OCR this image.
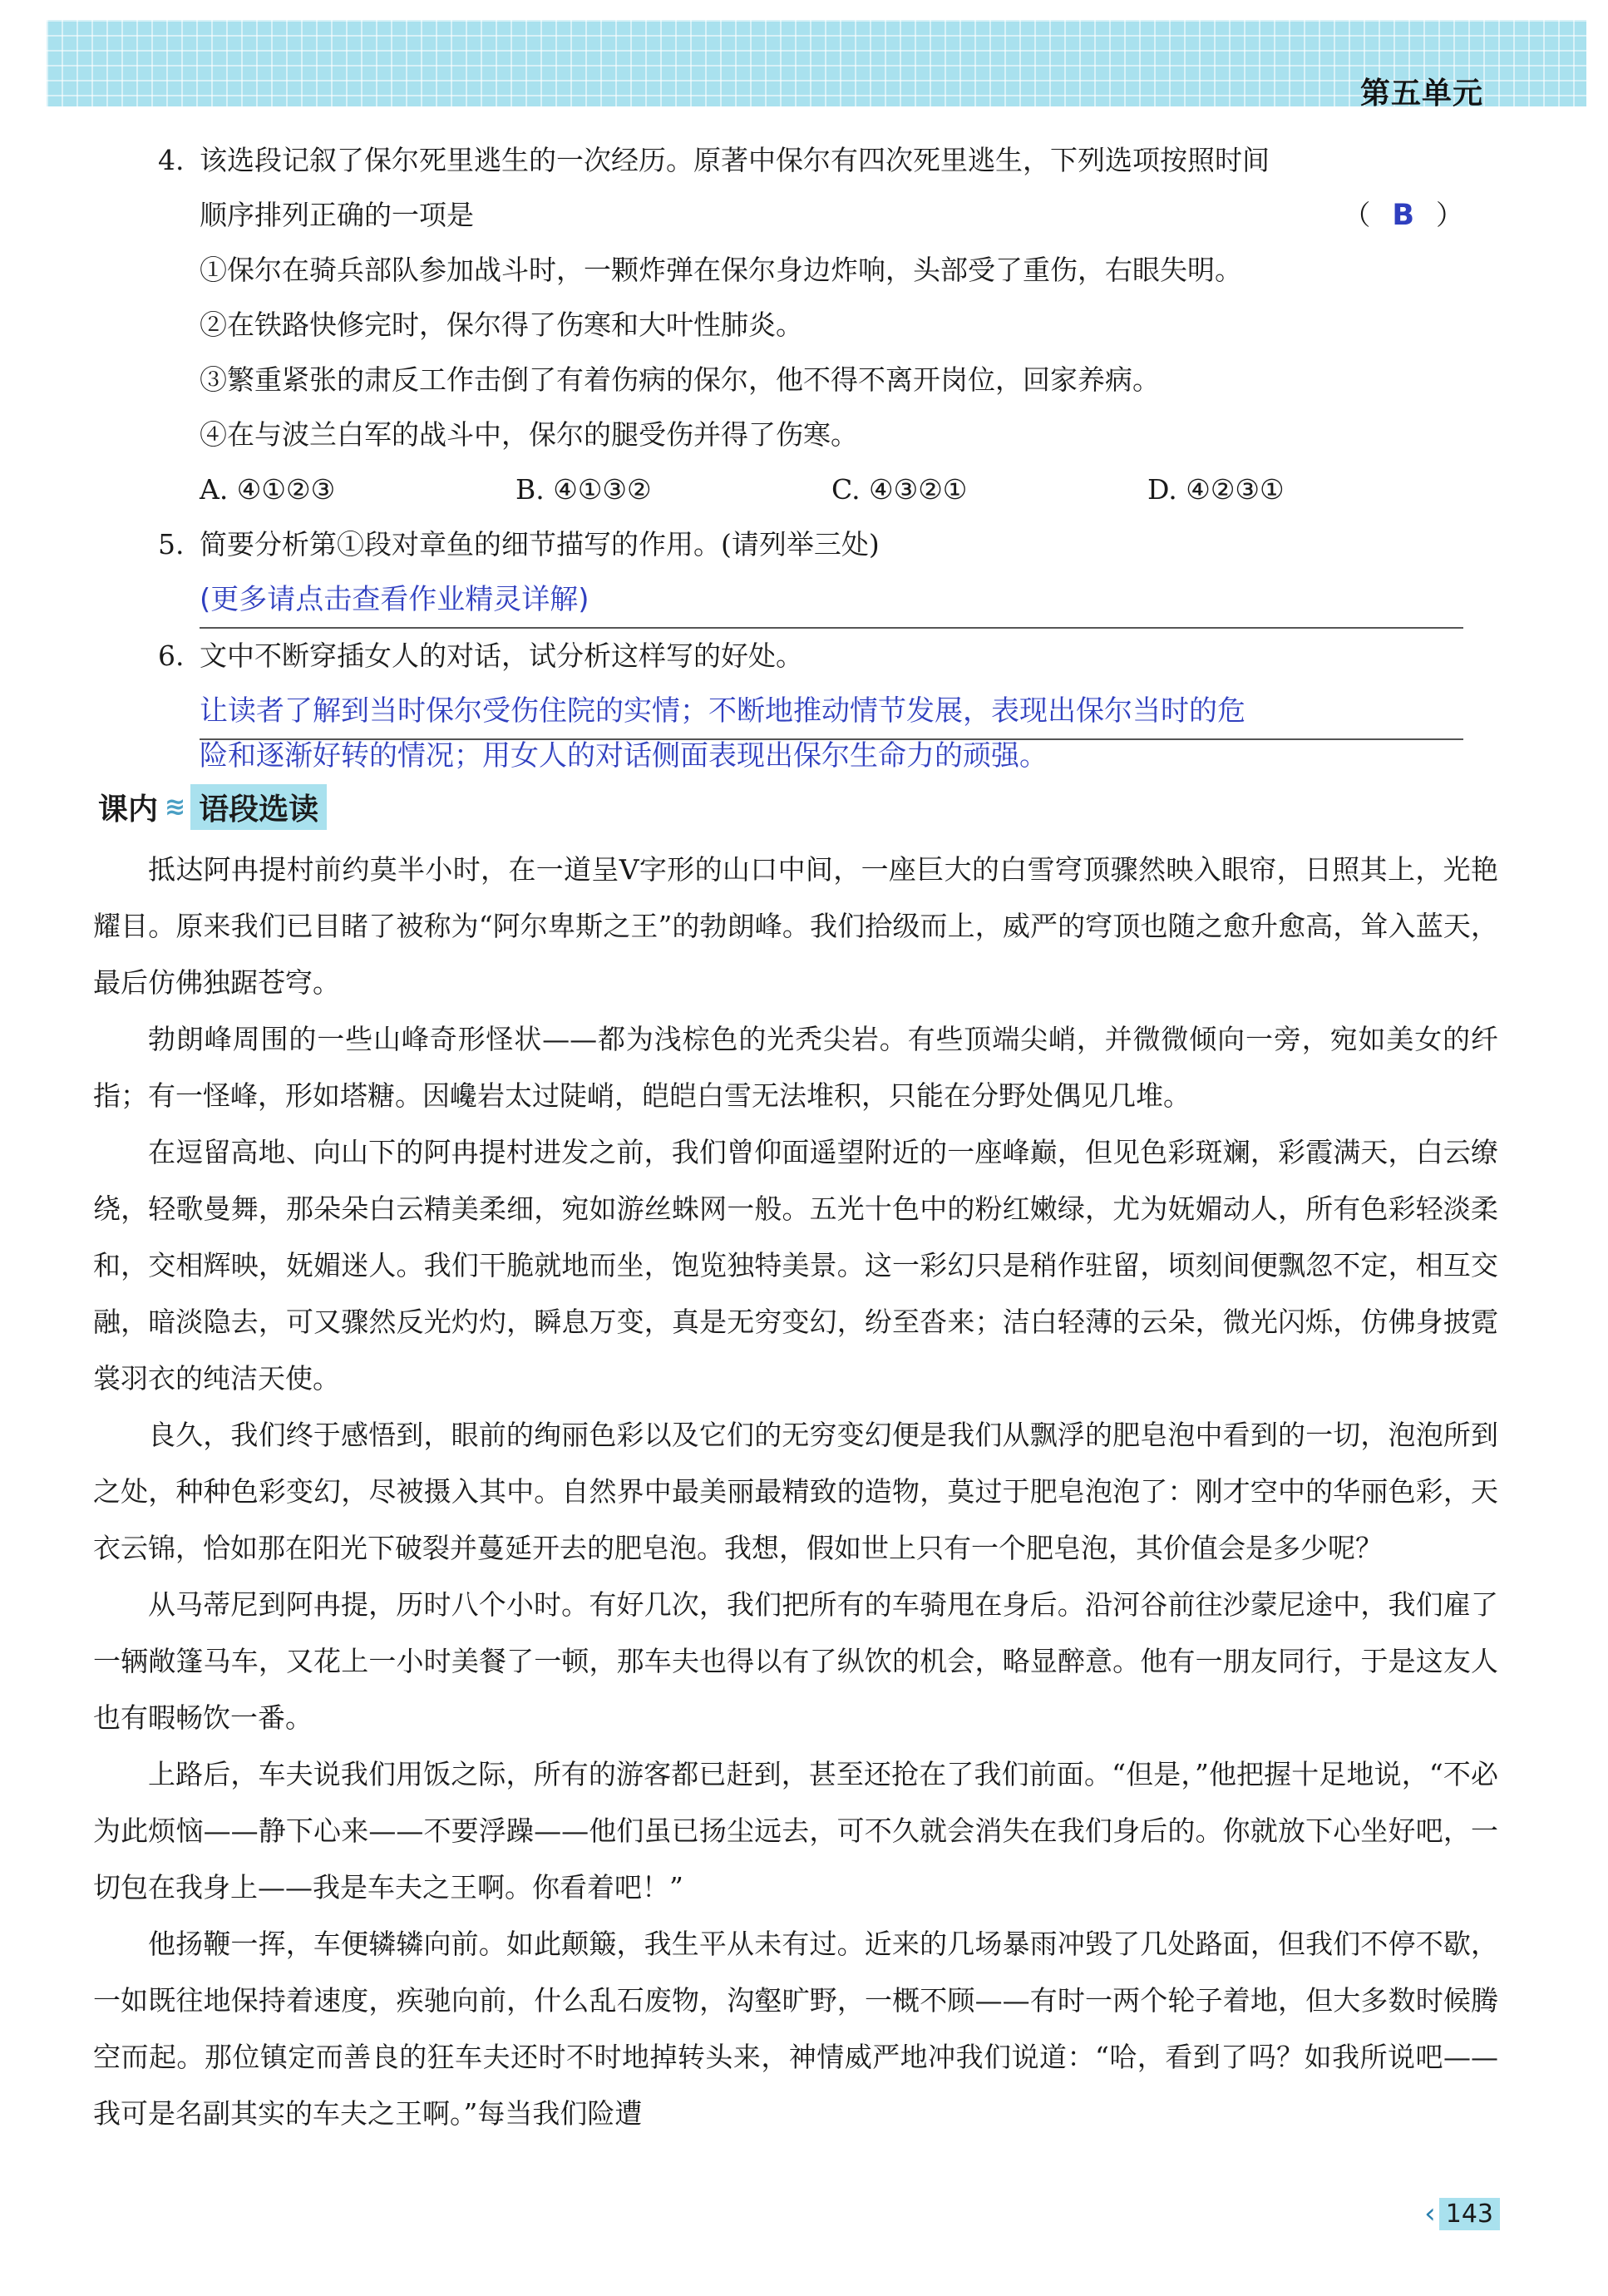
第五单元
4. 该选段记叙了保尔死里逃生的一次经历。原著中保尔有四次死里逃生，下列选项按照时间
顺序排列正确的一项是	（ B ）
①保尔在骑兵部队参加战斗时，一颗炸弹在保尔身边炸响，头部受了重伤，右眼失明。
②在铁路快修完时，保尔得了伤寒和大叶性肺炎。
③繁重紧张的肃反工作击倒了有着伤病的保尔，他不得不离开岗位，回家养病。
④在与波兰白军的战斗中，保尔的腿受伤并得了伤寒。
A. ④①②③	B. ④①③②	C. ④③②①	D. ④②③①
5. 简要分析第①段对章鱼的细节描写的作用。(请列举三处)
(更多请点击查看作业精灵详解)
6. 文中不断穿插女人的对话，试分析这样写的好处。
让读者了解到当时保尔受伤住院的实情；不断地推动情节发展，表现出保尔当时的危
险和逐渐好转的情况；用女人的对话侧面表现出保尔生命力的顽强。
课内 ≋ 语段选读

抵达阿冉提村前约莫半小时，在一道呈V字形的山口中间，一座巨大的白雪穹顶骤然映入眼帘，日照其上，光艳耀目。原来我们已目睹了被称为“阿尔卑斯之王”的勃朗峰。我们拾级而上，威严的穹顶也随之愈升愈高，耸入蓝天，最后仿佛独踞苍穹。

勃朗峰周围的一些山峰奇形怪状——都为浅棕色的光秃尖岩。有些顶端尖峭，并微微倾向一旁，宛如美女的纤指；有一怪峰，形如塔糖。因巉岩太过陡峭，皑皑白雪无法堆积，只能在分野处偶见几堆。

在逗留高地、向山下的阿冉提村进发之前，我们曾仰面遥望附近的一座峰巅，但见色彩斑斓，彩霞满天，白云缭绕，轻歌曼舞，那朵朵白云精美柔细，宛如游丝蛛网一般。五光十色中的粉红嫩绿，尤为妩媚动人，所有色彩轻淡柔和，交相辉映，妩媚迷人。我们干脆就地而坐，饱览独特美景。这一彩幻只是稍作驻留，顷刻间便飘忽不定，相互交融，暗淡隐去，可又骤然反光灼灼，瞬息万变，真是无穷变幻，纷至沓来；洁白轻薄的云朵，微光闪烁，仿佛身披霓裳羽衣的纯洁天使。

良久，我们终于感悟到，眼前的绚丽色彩以及它们的无穷变幻便是我们从飘浮的肥皂泡中看到的一切，泡泡所到之处，种种色彩变幻，尽被摄入其中。自然界中最美丽最精致的造物，莫过于肥皂泡泡了：刚才空中的华丽色彩，天衣云锦，恰如那在阳光下破裂并蔓延开去的肥皂泡。我想，假如世上只有一个肥皂泡，其价值会是多少呢？

从马蒂尼到阿冉提，历时八个小时。有好几次，我们把所有的车骑甩在身后。沿河谷前往沙蒙尼途中，我们雇了一辆敞篷马车，又花上一小时美餐了一顿，那车夫也得以有了纵饮的机会，略显醉意。他有一朋友同行，于是这友人也有暇畅饮一番。

上路后，车夫说我们用饭之际，所有的游客都已赶到，甚至还抢在了我们前面。“但是，”他把握十足地说，“不必为此烦恼——静下心来——不要浮躁——他们虽已扬尘远去，可不久就会消失在我们身后的。你就放下心坐好吧，一切包在我身上——我是车夫之王啊。你看着吧！”

他扬鞭一挥，车便辚辚向前。如此颠簸，我生平从未有过。近来的几场暴雨冲毁了几处路面，但我们不停不歇，一如既往地保持着速度，疾驰向前，什么乱石废物，沟壑旷野，一概不顾——有时一两个轮子着地，但大多数时候腾空而起。那位镇定而善良的狂车夫还时不时地掉转头来，神情威严地冲我们说道：“哈，看到了吗？如我所说吧——我可是名副其实的车夫之王啊。”每当我们险遭

‹ 143
